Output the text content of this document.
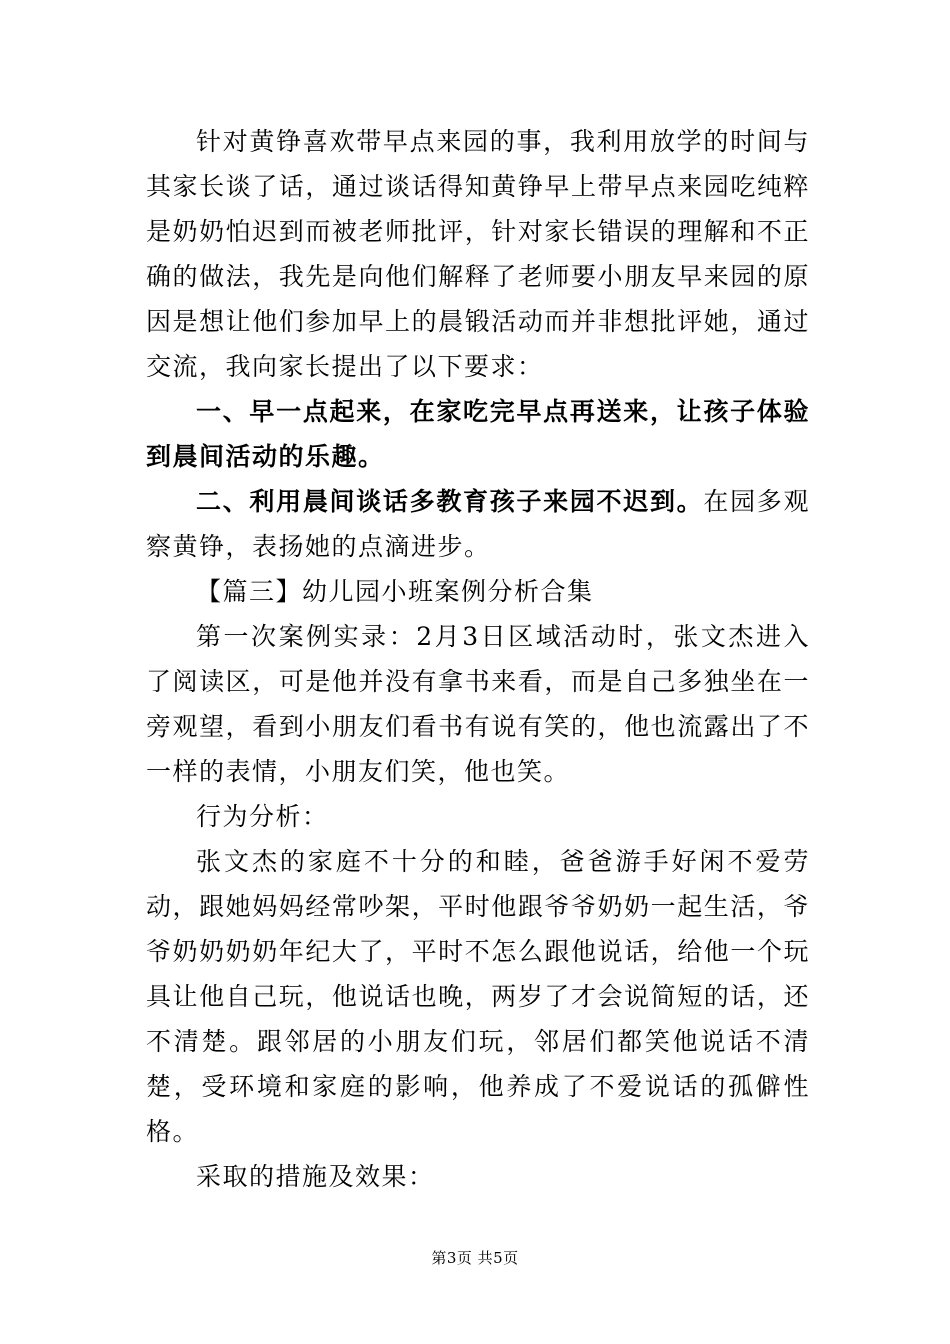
针对黄铮喜欢带早点来园的事，我利用放学的时间与其家长谈了话，通过谈话得知黄铮早上带早点来园吃纯粹是奶奶怕迟到而被老师批评，针对家长错误的理解和不正确的做法，我先是向他们解释了老师要小朋友早来园的原因是想让他们参加早上的晨锻活动而并非想批评她，通过交流，我向家长提出了以下要求：

一、早一点起来，在家吃完早点再送来，让孩子体验到晨间活动的乐趣。

二、利用晨间谈话多教育孩子来园不迟到。在园多观察黄铮，表扬她的点滴进步。

【篇三】幼儿园小班案例分析合集

第一次案例实录：2月3日区域活动时，张文杰进入了阅读区，可是他并没有拿书来看，而是自己多独坐在一旁观望，看到小朋友们看书有说有笑的，他也流露出了不一样的表情，小朋友们笑，他也笑。

行为分析：

张文杰的家庭不十分的和睦，爸爸游手好闲不爱劳动，跟她妈妈经常吵架，平时他跟爷爷奶奶一起生活，爷爷奶奶奶奶年纪大了，平时不怎么跟他说话，给他一个玩具让他自己玩，他说话也晚，两岁了才会说简短的话，还不清楚。跟邻居的小朋友们玩，邻居们都笑他说话不清楚，受环境和家庭的影响，他养成了不爱说话的孤僻性格。

采取的措施及效果：

第3页 共5页
